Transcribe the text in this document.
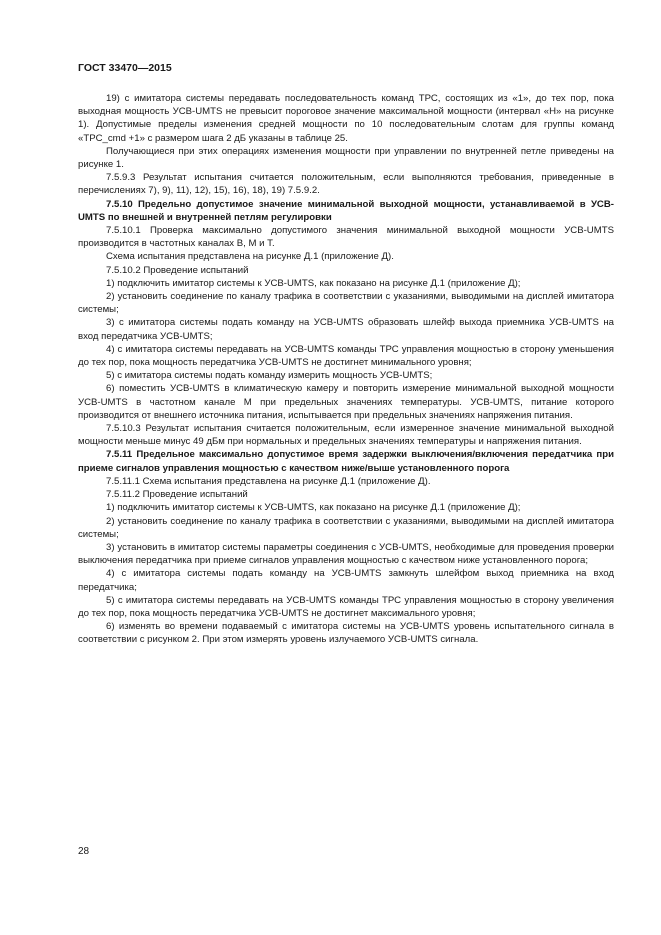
ГОСТ 33470—2015

19) с имитатора системы передавать последовательность команд ТРС, состоящих из «1», до тех пор, пока выходная мощность УСВ-UMTS не превысит пороговое значение максимальной мощности (интервал «Н» на рисунке 1). Допустимые пределы изменения средней мощности по 10 последовательным слотам для группы команд «TPC_cmd +1» с размером шага 2 дБ указаны в таблице 25.

Получающиеся при этих операциях изменения мощности при управлении по внутренней петле приведены на рисунке 1.

7.5.9.3 Результат испытания считается положительным, если выполняются требования, приведенные в перечислениях 7), 9), 11), 12), 15), 16), 18), 19) 7.5.9.2.

7.5.10 Предельно допустимое значение минимальной выходной мощности, устанавливаемой в УСВ-UMTS по внешней и внутренней петлям регулировки

7.5.10.1 Проверка максимально допустимого значения минимальной выходной мощности УСВ-UMTS производится в частотных каналах B, M и T.

Схема испытания представлена на рисунке Д.1 (приложение Д).

7.5.10.2 Проведение испытаний

1) подключить имитатор системы к УСВ-UMTS, как показано на рисунке Д.1 (приложение Д);

2) установить соединение по каналу трафика в соответствии с указаниями, выводимыми на дисплей имитатора системы;

3) с имитатора системы подать команду на УСВ-UMTS образовать шлейф выхода приемника УСВ-UMTS на вход передатчика УСВ-UMTS;

4) с имитатора системы передавать на УСВ-UMTS команды ТРС управления мощностью в сторону уменьшения до тех пор, пока мощность передатчика УСВ-UMTS не достигнет минимального уровня;

5) с имитатора системы подать команду измерить мощность УСВ-UMTS;

6) поместить УСВ-UMTS в климатическую камеру и повторить измерение минимальной выходной мощности УСВ-UMTS в частотном канале M при предельных значениях температуры. УСВ-UMTS, питание которого производится от внешнего источника питания, испытывается при предельных значениях напряжения питания.

7.5.10.3 Результат испытания считается положительным, если измеренное значение минимальной выходной мощности меньше минус 49 дБм при нормальных и предельных значениях температуры и напряжения питания.

7.5.11 Предельное максимально допустимое время задержки выключения/включения передатчика при приеме сигналов управления мощностью с качеством ниже/выше установленного порога

7.5.11.1 Схема испытания представлена на рисунке Д.1 (приложение Д).

7.5.11.2 Проведение испытаний

1) подключить имитатор системы к УСВ-UMTS, как показано на рисунке Д.1 (приложение Д);

2) установить соединение по каналу трафика в соответствии с указаниями, выводимыми на дисплей имитатора системы;

3) установить в имитатор системы параметры соединения с УСВ-UMTS, необходимые для проведения проверки выключения передатчика при приеме сигналов управления мощностью с качеством ниже установленного порога;

4) с имитатора системы подать команду на УСВ-UMTS замкнуть шлейфом выход приемника на вход передатчика;

5) с имитатора системы передавать на УСВ-UMTS команды ТРС управления мощностью в сторону увеличения до тех пор, пока мощность передатчика УСВ-UMTS не достигнет максимального уровня;

6) изменять во времени подаваемый с имитатора системы на УСВ-UMTS уровень испытательного сигнала в соответствии с рисунком 2. При этом измерять уровень излучаемого УСВ-UMTS сигнала.

28
